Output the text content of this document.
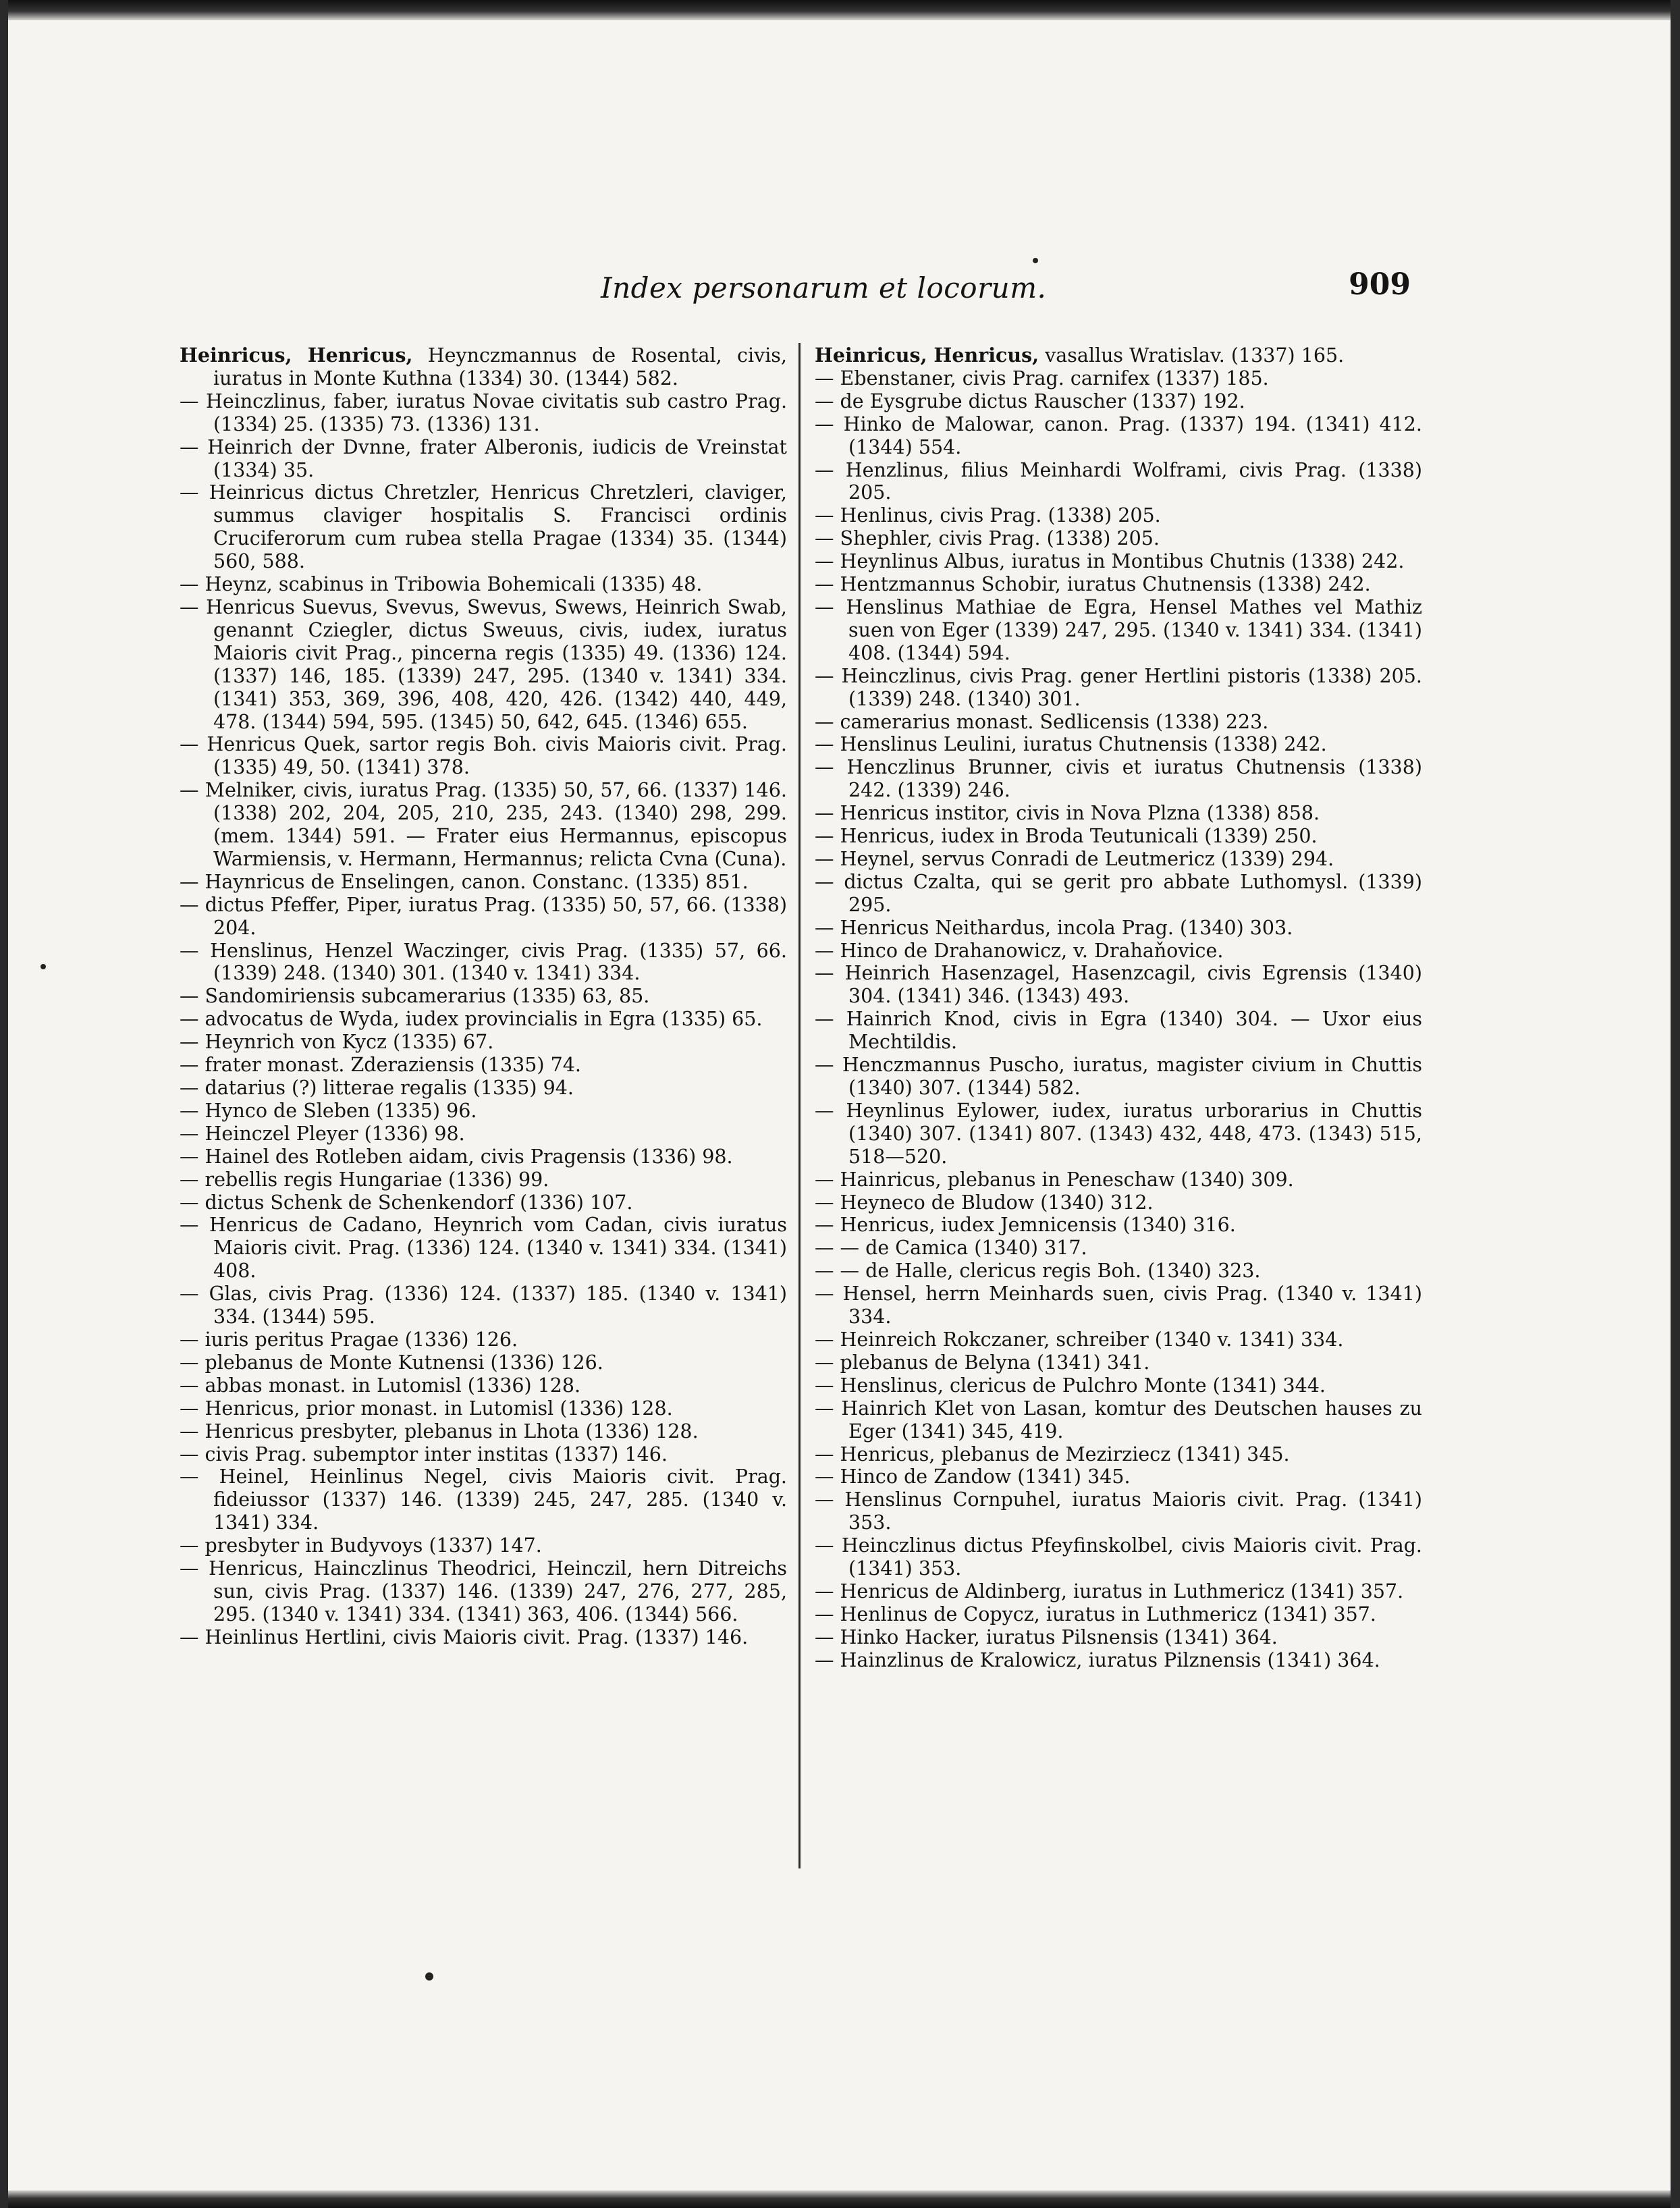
Index personarum et locorum.	909

Heinricus, Henricus, Heynczmannus de Rosental, civis, iuratus in Monte Kuthna (1334) 30. (1344) 582.

— Heinczlinus, faber, iuratus Novae civitatis sub castro Prag. (1334) 25. (1335) 73. (1336) 131.

— Heinrich der Dvnne, frater Alberonis, iudicis de Vreinstat (1334) 35.

— Heinricus dictus Chretzler, Henricus Chretzleri, claviger, summus claviger hospitalis S. Francisci ordinis Cruciferorum cum rubea stella Pragae (1334) 35. (1344) 560, 588.

— Heynz, scabinus in Tribowia Bohemicali (1335) 48.

— Henricus Suevus, Svevus, Swevus, Swews, Heinrich Swab, genannt Cziegler, dictus Sweuus, civis, iudex, iuratus Maioris civit Prag., pincerna regis (1335) 49. (1336) 124. (1337) 146, 185. (1339) 247, 295. (1340 v. 1341) 334. (1341) 353, 369, 396, 408, 420, 426. (1342) 440, 449, 478. (1344) 594, 595. (1345) 50, 642, 645. (1346) 655.

— Henricus Quek, sartor regis Boh. civis Maioris civit. Prag. (1335) 49, 50. (1341) 378.

— Melniker, civis, iuratus Prag. (1335) 50, 57, 66. (1337) 146. (1338) 202, 204, 205, 210, 235, 243. (1340) 298, 299. (mem. 1344) 591. — Frater eius Hermannus, episcopus Warmiensis, v. Hermann, Hermannus; relicta Cvna (Cuna).

— Haynricus de Enselingen, canon. Constanc. (1335) 851.

— dictus Pfeffer, Piper, iuratus Prag. (1335) 50, 57, 66. (1338) 204.

— Henslinus, Henzel Waczinger, civis Prag. (1335) 57, 66. (1339) 248. (1340) 301. (1340 v. 1341) 334.

— Sandomiriensis subcamerarius (1335) 63, 85.

— advocatus de Wyda, iudex provincialis in Egra (1335) 65.

— Heynrich von Kycz (1335) 67.

— frater monast. Zderaziensis (1335) 74.

— datarius (?) litterae regalis (1335) 94.

— Hynco de Sleben (1335) 96.

— Heinczel Pleyer (1336) 98.

— Hainel des Rotleben aidam, civis Pragensis (1336) 98.

— rebellis regis Hungariae (1336) 99.

— dictus Schenk de Schenkendorf (1336) 107.

— Henricus de Cadano, Heynrich vom Cadan, civis iuratus Maioris civit. Prag. (1336) 124. (1340 v. 1341) 334. (1341) 408.

— Glas, civis Prag. (1336) 124. (1337) 185. (1340 v. 1341) 334. (1344) 595.

— iuris peritus Pragae (1336) 126.

— plebanus de Monte Kutnensi (1336) 126.

— abbas monast. in Lutomisl (1336) 128.

— Henricus, prior monast. in Lutomisl (1336) 128.

— Henricus presbyter, plebanus in Lhota (1336) 128.

— civis Prag. subemptor inter institas (1337) 146.

— Heinel, Heinlinus Negel, civis Maioris civit. Prag. fideiussor (1337) 146. (1339) 245, 247, 285. (1340 v. 1341) 334.

— presbyter in Budyvoys (1337) 147.

— Henricus, Hainczlinus Theodrici, Heinczil, hern Ditreichs sun, civis Prag. (1337) 146. (1339) 247, 276, 277, 285, 295. (1340 v. 1341) 334. (1341) 363, 406. (1344) 566.

— Heinlinus Hertlini, civis Maioris civit. Prag. (1337) 146.

Heinricus, Henricus, vasallus Wratislav. (1337) 165.

— Ebenstaner, civis Prag. carnifex (1337) 185.

— de Eysgrube dictus Rauscher (1337) 192.

— Hinko de Malowar, canon. Prag. (1337) 194. (1341) 412. (1344) 554.

— Henzlinus, filius Meinhardi Wolframi, civis Prag. (1338) 205.

— Henlinus, civis Prag. (1338) 205.

— Shephler, civis Prag. (1338) 205.

— Heynlinus Albus, iuratus in Montibus Chutnis (1338) 242.

— Hentzmannus Schobir, iuratus Chutnensis (1338) 242.

— Henslinus Mathiae de Egra, Hensel Mathes vel Mathiz suen von Eger (1339) 247, 295. (1340 v. 1341) 334. (1341) 408. (1344) 594.

— Heinczlinus, civis Prag. gener Hertlini pistoris (1338) 205. (1339) 248. (1340) 301.

— camerarius monast. Sedlicensis (1338) 223.

— Henslinus Leulini, iuratus Chutnensis (1338) 242.

— Henczlinus Brunner, civis et iuratus Chutnensis (1338) 242. (1339) 246.

— Henricus institor, civis in Nova Plzna (1338) 858.

— Henricus, iudex in Broda Teutunicali (1339) 250.

— Heynel, servus Conradi de Leutmericz (1339) 294.

— dictus Czalta, qui se gerit pro abbate Luthomysl. (1339) 295.

— Henricus Neithardus, incola Prag. (1340) 303.

— Hinco de Drahanowicz, v. Drahaňovice.

— Heinrich Hasenzagel, Hasenzcagil, civis Egrensis (1340) 304. (1341) 346. (1343) 493.

— Hainrich Knod, civis in Egra (1340) 304. — Uxor eius Mechtildis.

— Henczmannus Puscho, iuratus, magister civium in Chuttis (1340) 307. (1344) 582.

— Heynlinus Eylower, iudex, iuratus urborarius in Chuttis (1340) 307. (1341) 807. (1343) 432, 448, 473. (1343) 515, 518—520.

— Hainricus, plebanus in Peneschaw (1340) 309.

— Heyneco de Bludow (1340) 312.

— Henricus, iudex Jemnicensis (1340) 316.

— — de Camica (1340) 317.

— — de Halle, clericus regis Boh. (1340) 323.

— Hensel, herrn Meinhards suen, civis Prag. (1340 v. 1341) 334.

— Heinreich Rokczaner, schreiber (1340 v. 1341) 334.

— plebanus de Belyna (1341) 341.

— Henslinus, clericus de Pulchro Monte (1341) 344.

— Hainrich Klet von Lasan, komtur des Deutschen hauses zu Eger (1341) 345, 419.

— Henricus, plebanus de Mezirziecz (1341) 345.

— Hinco de Zandow (1341) 345.

— Henslinus Cornpuhel, iuratus Maioris civit. Prag. (1341) 353.

— Heinczlinus dictus Pfeyfinskolbel, civis Maioris civit. Prag. (1341) 353.

— Henricus de Aldinberg, iuratus in Luthmericz (1341) 357.

— Henlinus de Copycz, iuratus in Luthmericz (1341) 357.

— Hinko Hacker, iuratus Pilsnensis (1341) 364.

— Hainzlinus de Kralowicz, iuratus Pilznensis (1341) 364.
